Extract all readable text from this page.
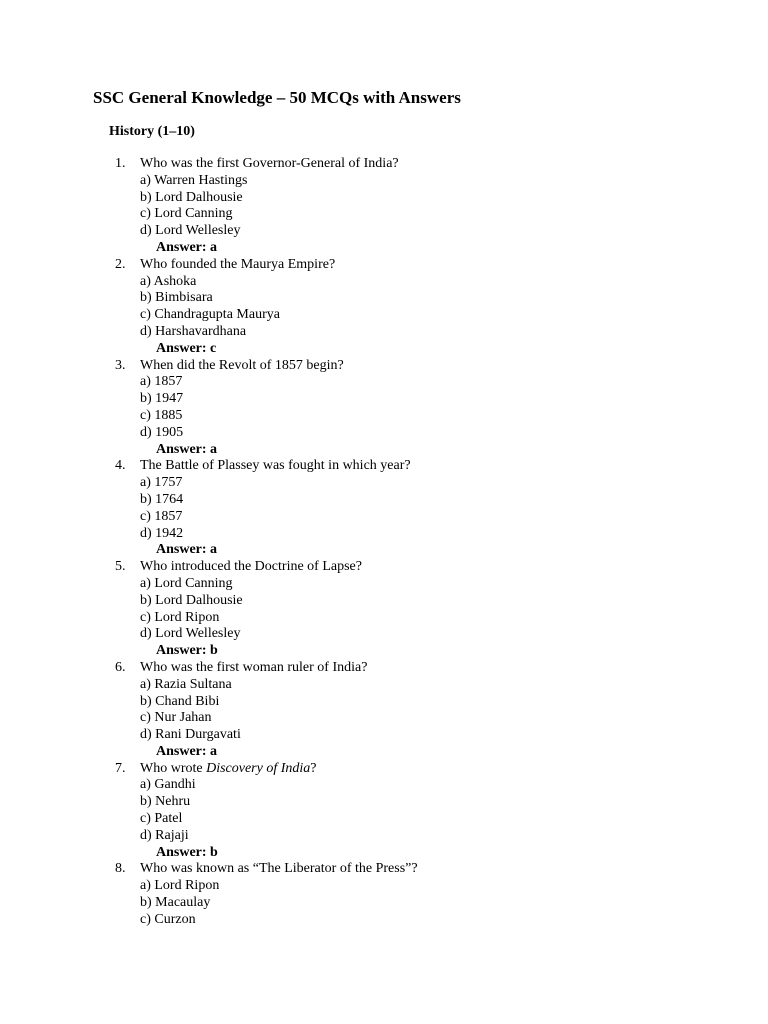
SSC General Knowledge – 50 MCQs with Answers
History (1–10)
1.	Who was the first Governor-General of India?
a) Warren Hastings
b) Lord Dalhousie
c) Lord Canning
d) Lord Wellesley
Answer: a
2.	Who founded the Maurya Empire?
a) Ashoka
b) Bimbisara
c) Chandragupta Maurya
d) Harshavardhana
Answer: c
3.	When did the Revolt of 1857 begin?
a) 1857
b) 1947
c) 1885
d) 1905
Answer: a
4.	The Battle of Plassey was fought in which year?
a) 1757
b) 1764
c) 1857
d) 1942
Answer: a
5.	Who introduced the Doctrine of Lapse?
a) Lord Canning
b) Lord Dalhousie
c) Lord Ripon
d) Lord Wellesley
Answer: b
6.	Who was the first woman ruler of India?
a) Razia Sultana
b) Chand Bibi
c) Nur Jahan
d) Rani Durgavati
Answer: a
7.	Who wrote Discovery of India?
a) Gandhi
b) Nehru
c) Patel
d) Rajaji
Answer: b
8.	Who was known as “The Liberator of the Press”?
a) Lord Ripon
b) Macaulay
c) Curzon
